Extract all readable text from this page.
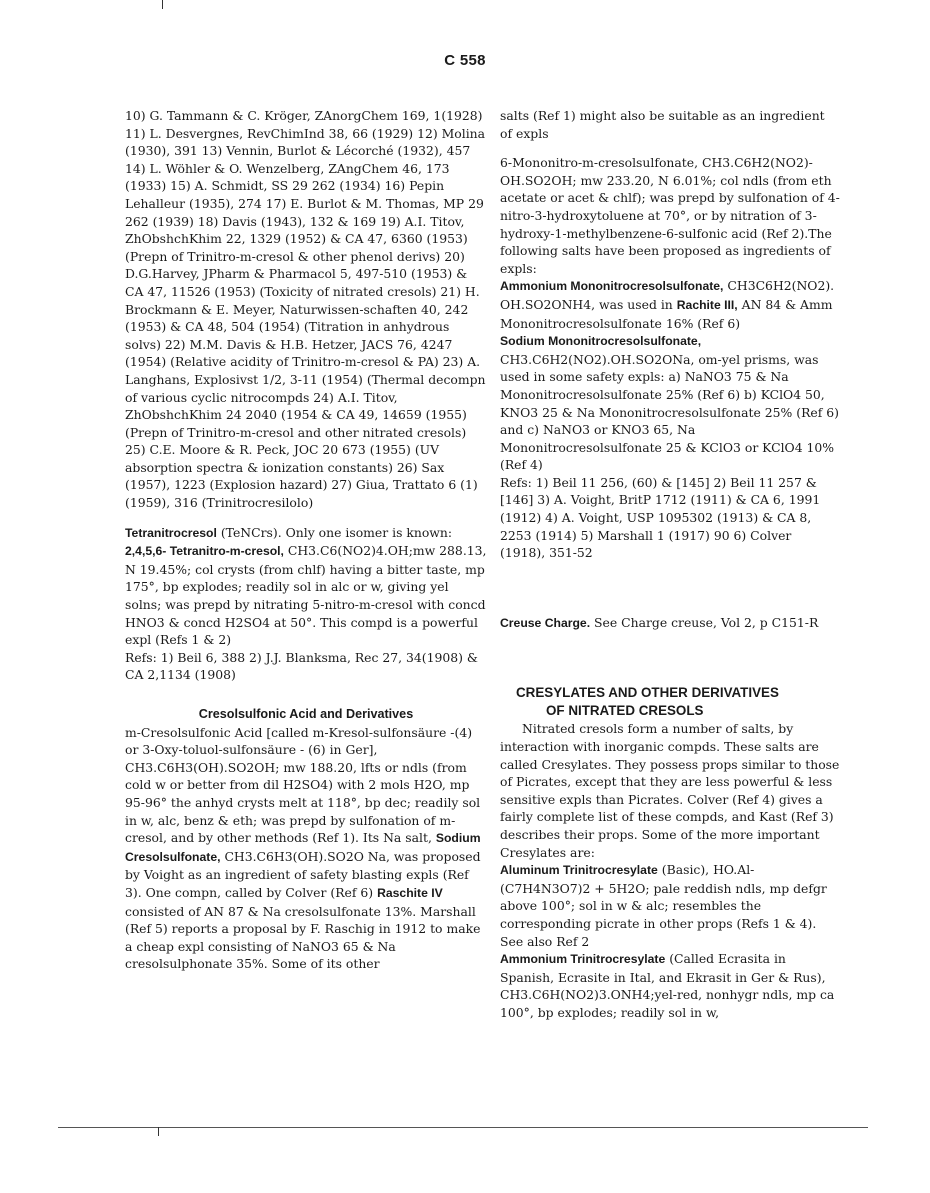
C 558

10) G. Tammann & C. Kröger, ZAnorgChem 169, 1(1928) 11) L. Desvergnes, RevChimInd 38, 66 (1929) 12) Molina (1930), 391 13) Vennin, Burlot & Lécorché (1932), 457 14) L. Wöhler & O. Wenzelberg, ZAngChem 46, 173 (1933) 15) A. Schmidt, SS 29 262 (1934) 16) Pepin Lehalleur (1935), 274 17) E. Burlot & M. Thomas, MP 29 262 (1939) 18) Davis (1943), 132 & 169 19) A.I. Titov, ZhObshchKhim 22, 1329 (1952) & CA 47, 6360 (1953) (Prepn of Trinitro-m-cresol & other phenol derivs) 20) D.G.Harvey, JPharm & Pharmacol 5, 497-510 (1953) & CA 47, 11526 (1953) (Toxicity of nitrated cresols) 21) H. Brockmann & E. Meyer, Naturwissen-schaften 40, 242 (1953) & CA 48, 504 (1954) (Titration in anhydrous solvs) 22) M.M. Davis & H.B. Hetzer, JACS 76, 4247 (1954) (Relative acidity of Trinitro-m-cresol & PA) 23) A. Langhans, Explosivst 1/2, 3-11 (1954) (Thermal decompn of various cyclic nitrocompds 24) A.I. Titov, ZhObshchKhim 24 2040 (1954 & CA 49, 14659 (1955) (Prepn of Trinitro-m-cresol and other nitrated cresols) 25) C.E. Moore & R. Peck, JOC 20 673 (1955) (UV absorption spectra & ionization constants) 26) Sax (1957), 1223 (Explosion hazard) 27) Giua, Trattato 6 (1) (1959), 316 (Trinitrocresilolo)

Tetranitrocresol (TeNCrs). Only one isomer is known: 2,4,5,6- Tetranitro-m-cresol, CH3.C6(NO2)4.OH;mw 288.13, N 19.45%; col crysts (from chlf) having a bitter taste, mp 175°, bp explodes; readily sol in alc or w, giving yel solns; was prepd by nitrating 5-nitro-m-cresol with concd HNO3 & concd H2SO4 at 50°. This compd is a powerful expl (Refs 1 & 2)

Refs: 1) Beil 6, 388 2) J.J. Blanksma, Rec 27, 34(1908) & CA 2,1134 (1908)

Cresolsulfonic Acid and Derivatives

m-Cresolsulfonic Acid [called m-Kresol-sulfonsäure -(4) or 3-Oxy-toluol-sulfonsäure - (6) in Ger], CH3.C6H3(OH).SO2OH; mw 188.20, lfts or ndls (from cold w or better from dil H2SO4) with 2 mols H2O, mp 95-96° the anhyd crysts melt at 118°, bp dec; readily sol in w, alc, benz & eth; was prepd by sulfonation of m-cresol, and by other methods (Ref 1). Its Na salt, Sodium Cresolsulfonate, CH3.C6H3(OH).SO2O Na, was proposed by Voight as an ingredient of safety blasting expls (Ref 3). One compn, called by Colver (Ref 6) Raschite IV consisted of AN 87 & Na cresolsulfonate 13%. Marshall (Ref 5) reports a proposal by F. Raschig in 1912 to make a cheap expl consisting of NaNO3 65 & Na cresolsulphonate 35%. Some of its other

salts (Ref 1) might also be suitable as an ingredient of expls

6-Mononitro-m-cresolsulfonate, CH3.C6H2(NO2)-OH.SO2OH; mw 233.20, N 6.01%; col ndls (from eth acetate or acet & chlf); was prepd by sulfonation of 4-nitro-3-hydroxytoluene at 70°, or by nitration of 3-hydroxy-1-methylbenzene-6-sulfonic acid (Ref 2).The following salts have been proposed as ingredients of expls:

Ammonium Mononitrocresolsulfonate, CH3C6H2(NO2). OH.SO2ONH4, was used in Rachite III, AN 84 & Amm Mononitrocresolsulfonate 16% (Ref 6)

Sodium Mononitrocresolsulfonate, CH3.C6H2(NO2).OH.SO2ONa, om-yel prisms, was used in some safety expls: a) NaNO3 75 & Na Mononitrocresolsulfonate 25% (Ref 6) b) KClO4 50, KNO3 25 & Na Mononitrocresolsulfonate 25% (Ref 6) and c) NaNO3 or KNO3 65, Na Mononitrocresolsulfonate 25 & KClO3 or KClO4 10% (Ref 4)

Refs: 1) Beil 11 256, (60) & [145] 2) Beil 11 257 & [146] 3) A. Voight, BritP 1712 (1911) & CA 6, 1991 (1912) 4) A. Voight, USP 1095302 (1913) & CA 8, 2253 (1914) 5) Marshall 1 (1917) 90 6) Colver (1918), 351-52

Creuse Charge. See Charge creuse, Vol 2, p C151-R

CRESYLATES AND OTHER DERIVATIVES
OF NITRATED CRESOLS

Nitrated cresols form a number of salts, by interaction with inorganic compds. These salts are called Cresylates. They possess props similar to those of Picrates, except that they are less powerful & less sensitive expls than Picrates. Colver (Ref 4) gives a fairly complete list of these compds, and Kast (Ref 3) describes their props. Some of the more important Cresylates are:

Aluminum Trinitrocresylate (Basic), HO.Al-(C7H4N3O7)2 + 5H2O; pale reddish ndls, mp defgr above 100°; sol in w & alc; resembles the corresponding picrate in other props (Refs 1 & 4). See also Ref 2

Ammonium Trinitrocresylate (Called Ecrasita in Spanish, Ecrasite in Ital, and Ekrasit in Ger & Rus), CH3.C6H(NO2)3.ONH4;yel-red, nonhygr ndls, mp ca 100°, bp explodes; readily sol in w,
